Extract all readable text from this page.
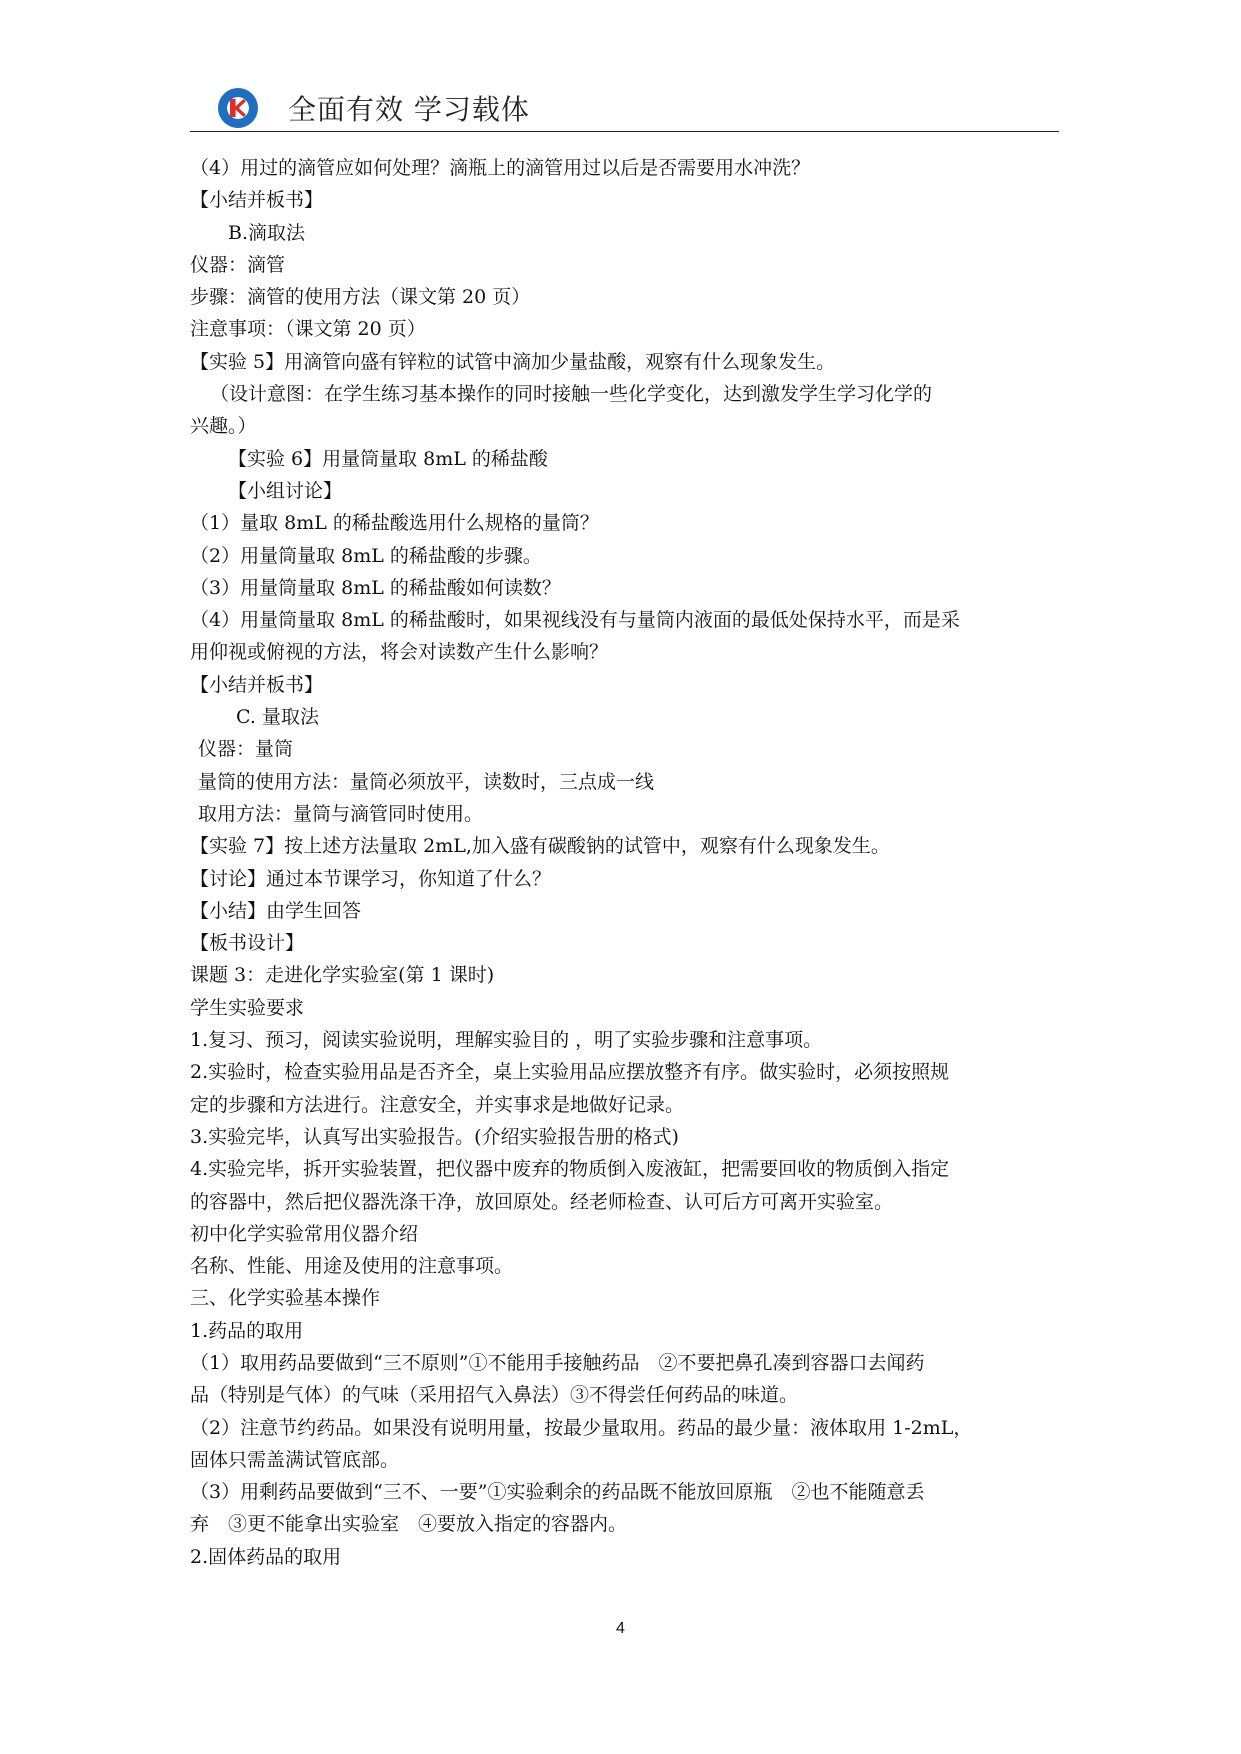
全面有效 学习载体
（4）用过的滴管应如何处理？滴瓶上的滴管用过以后是否需要用水冲洗？
【小结并板书】
B.滴取法
仪器：滴管
步骤：滴管的使用方法（课文第 20 页）
注意事项：（课文第 20 页）
【实验 5】用滴管向盛有锌粒的试管中滴加少量盐酸，观察有什么现象发生。
（设计意图：在学生练习基本操作的同时接触一些化学变化，达到激发学生学习化学的
兴趣。）
【实验 6】用量筒量取 8mL 的稀盐酸
【小组讨论】
（1）量取 8mL 的稀盐酸选用什么规格的量筒？
（2）用量筒量取 8mL 的稀盐酸的步骤。
（3）用量筒量取 8mL 的稀盐酸如何读数？
（4）用量筒量取 8mL 的稀盐酸时，如果视线没有与量筒内液面的最低处保持水平，而是采
用仰视或俯视的方法，将会对读数产生什么影响？
【小结并板书】
C. 量取法
仪器：量筒
量筒的使用方法：量筒必须放平，读数时，三点成一线
取用方法：量筒与滴管同时使用。
【实验 7】按上述方法量取 2mL,加入盛有碳酸钠的试管中，观察有什么现象发生。
【讨论】通过本节课学习，你知道了什么？
【小结】由学生回答
【板书设计】
课题 3：走进化学实验室(第 1 课时)
学生实验要求
1.复习、预习，阅读实验说明，理解实验目的 ，明了实验步骤和注意事项。
2.实验时，检查实验用品是否齐全，桌上实验用品应摆放整齐有序。做实验时，必须按照规
定的步骤和方法进行。注意安全，并实事求是地做好记录。
3.实验完毕，认真写出实验报告。(介绍实验报告册的格式)
4.实验完毕，拆开实验装置，把仪器中废弃的物质倒入废液缸，把需要回收的物质倒入指定
的容器中，然后把仪器洗涤干净，放回原处。经老师检查、认可后方可离开实验室。
初中化学实验常用仪器介绍
名称、性能、用途及使用的注意事项。
三、化学实验基本操作
1.药品的取用
（1）取用药品要做到“三不原则”①不能用手接触药品　②不要把鼻孔凑到容器口去闻药
品（特别是气体）的气味（采用招气入鼻法）③不得尝任何药品的味道。
（2）注意节约药品。如果没有说明用量，按最少量取用。药品的最少量：液体取用 1-2mL，
固体只需盖满试管底部。
（3）用剩药品要做到“三不、一要”①实验剩余的药品既不能放回原瓶　②也不能随意丢
弃　③更不能拿出实验室　④要放入指定的容器内。
2.固体药品的取用
4
